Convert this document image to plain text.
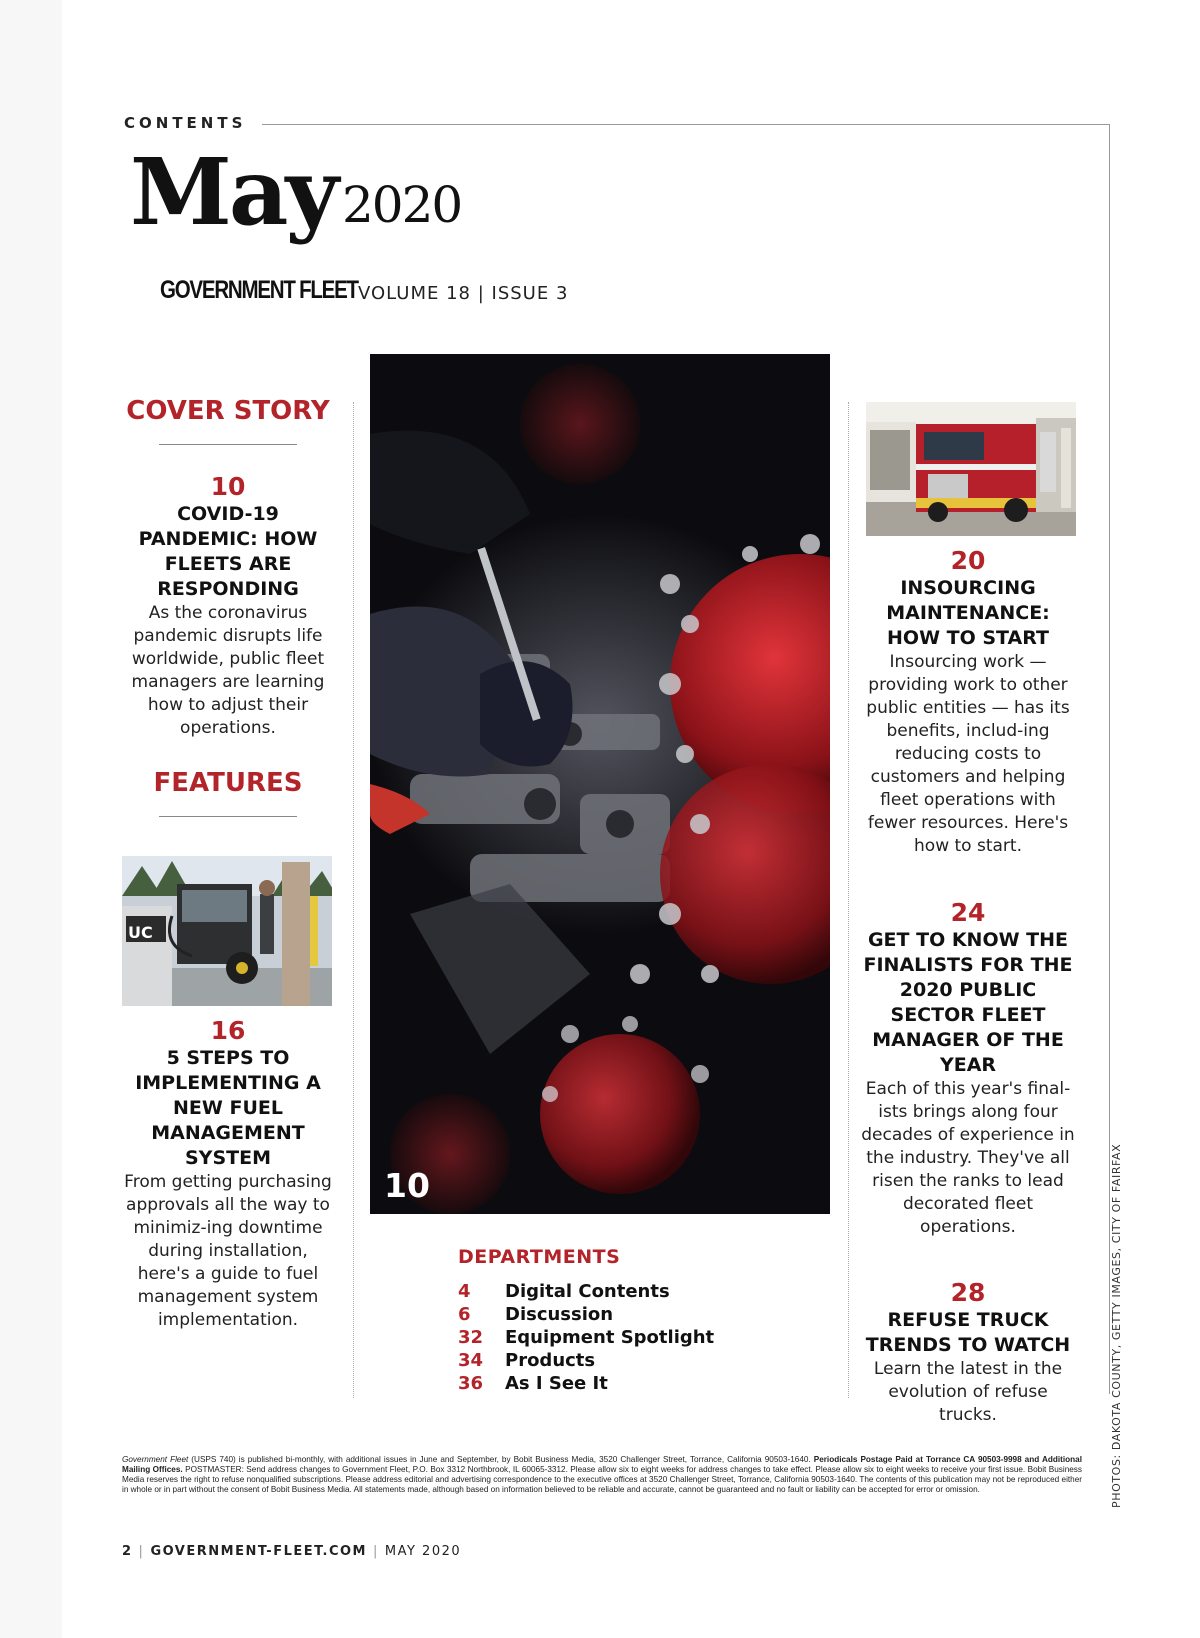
CONTENTS
May 2020
GOVERNMENT FLEET VOLUME 18 | ISSUE 3
COVER STORY
10
COVID-19 PANDEMIC: HOW FLEETS ARE RESPONDING
As the coronavirus pandemic disrupts life worldwide, public fleet managers are learning how to adjust their operations.
FEATURES
UC
16
5 STEPS TO IMPLEMENTING A NEW FUEL MANAGEMENT SYSTEM
From getting purchasing approvals all the way to minimiz-ing downtime during installation, here's a guide to fuel management system implementation.
10
DEPARTMENTS
4	Digital Contents
6	Discussion
32	Equipment Spotlight
34	Products
36	As I See It
20
INSOURCING MAINTENANCE: HOW TO START
Insourcing work — providing work to other public entities — has its benefits, includ-ing reducing costs to customers and helping fleet operations with fewer resources. Here's how to start.
24
GET TO KNOW THE FINALISTS FOR THE 2020 PUBLIC SECTOR FLEET MANAGER OF THE YEAR
Each of this year's final-ists brings along four decades of experience in the industry. They've all risen the ranks to lead decorated fleet operations.
28
REFUSE TRUCK TRENDS TO WATCH
Learn the latest in the evolution of refuse trucks.
Government Fleet (USPS 740) is published bi-monthly, with additional issues in June and September, by Bobit Business Media, 3520 Challenger Street, Torrance, California 90503-1640. Periodicals Postage Paid at Torrance CA 90503-9998 and Additional Mailing Offices. POSTMASTER: Send address changes to Government Fleet, P.O. Box 3312 Northbrook, IL 60065-3312. Please allow six to eight weeks for address changes to take effect. Please allow six to eight weeks to receive your first issue. Bobit Business Media reserves the right to refuse nonqualified subscriptions. Please address editorial and advertising correspondence to the executive offices at 3520 Challenger Street, Torrance, California 90503-1640. The contents of this publication may not be reproduced either in whole or in part without the consent of Bobit Business Media. All statements made, although based on information believed to be reliable and accurate, cannot be guaranteed and no fault or liability can be accepted for error or omission.	PHOTOS: DAKOTA COUNTY, GETTY IMAGES, CITY OF FAIRFAX
2 | GOVERNMENT-FLEET.COM | MAY 2020
